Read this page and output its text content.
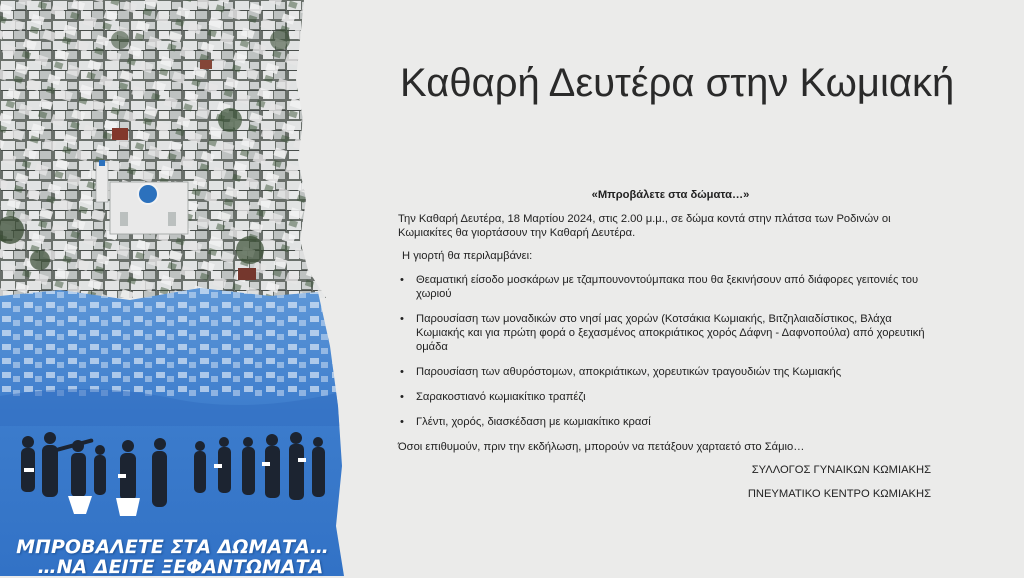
ΜΠΡΟΒΑΛΕΤΕ ΣΤΑ ΔΩΜΑΤΑ…
…ΝΑ ΔΕΙΤΕ ΞΕΦΑΝΤΩΜΑΤΑ
Καθαρή Δευτέρα στην Κωμιακή

«Μπροβάλετε στα δώματα…»

Την Καθαρή Δευτέρα, 18 Μαρτίου 2024, στις 2.00 μ.μ., σε δώμα κοντά στην πλάτσα των Ροδινών οι Κωμιακίτες θα γιορτάσουν την Καθαρή Δευτέρα.

Η γιορτή θα περιλαμβάνει:

• Θεαματική είσοδο μοσκάρων με τζαμπουνοντούμπακα που θα ξεκινήσουν από διάφορες γειτονιές του χωριού
• Παρουσίαση των μοναδικών στο νησί μας χορών (Κοτσάκια Κωμιακής, Βιτζηλαιαδίστικος, Βλάχα Κωμιακής και για πρώτη φορά ο ξεχασμένος αποκριάτικος χορός Δάφνη - Δαφνοπούλα) από χορευτική ομάδα
• Παρουσίαση των αθυρόστομων, αποκριάτικων, χορευτικών τραγουδιών της Κωμιακής
• Σαρακοστιανό κωμιακίτικο τραπέζι
• Γλέντι, χορός, διασκέδαση με κωμιακίτικο κρασί

Όσοι επιθυμούν, πριν την εκδήλωση, μπορούν να πετάξουν χαρταετό στο Σάμιο…

ΣΥΛΛΟΓΟΣ ΓΥΝΑΙΚΩΝ ΚΩΜΙΑΚΗΣ

ΠΝΕΥΜΑΤΙΚΟ ΚΕΝΤΡΟ ΚΩΜΙΑΚΗΣ
